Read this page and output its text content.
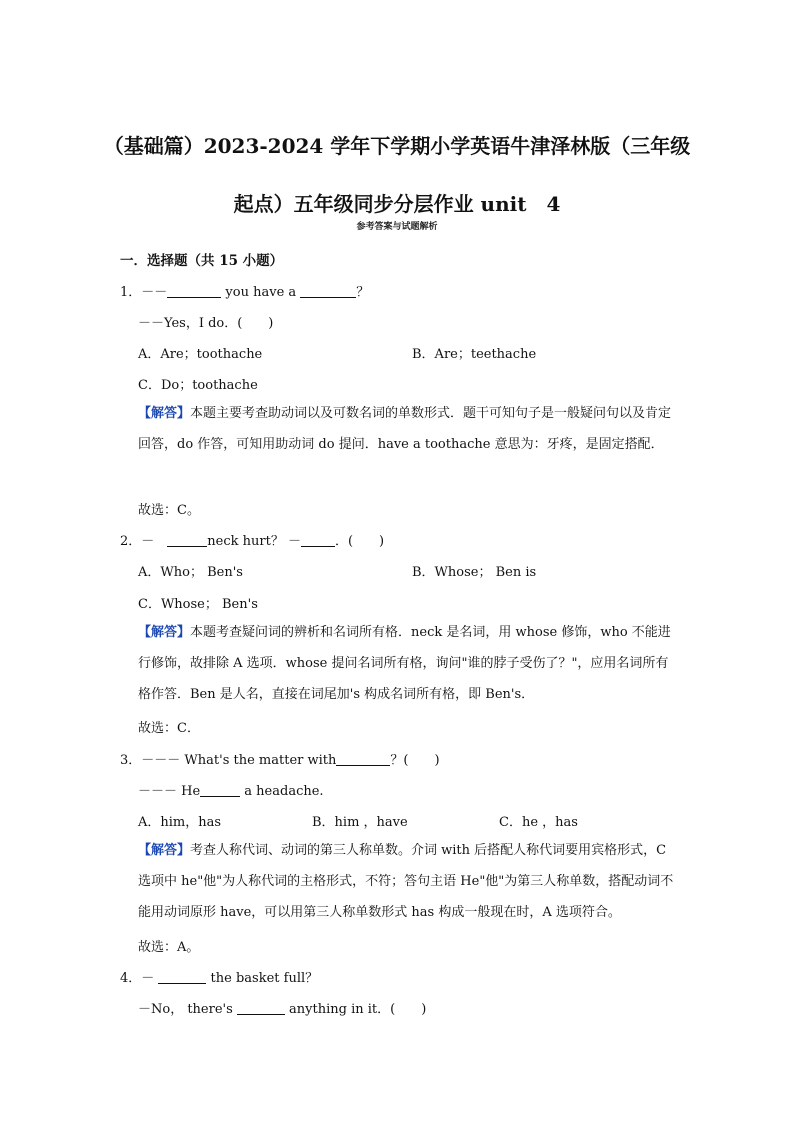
（基础篇）2023-2024 学年下学期小学英语牛津泽林版（三年级
起点）五年级同步分层作业 unit　4
参考答案与试题解析
一．选择题（共 15 小题）
1．－－	you have a	？
－－Yes，I do．(　　)
A．Are；toothache	B．Are；teethache
C．Do；toothache
【解答】本题主要考查助动词以及可数名词的单数形式．题干可知句子是一般疑问句以及肯定回答，do 作答，可知用助动词 do 提问．have a toothache 意思为：牙疼，是固定搭配．
故选：C。
2．－　	neck hurt？ －	．(　　)
A．Who； Ben's	B．Whose； Ben is
C．Whose； Ben's
【解答】本题考查疑问词的辨析和名词所有格．neck 是名词，用 whose 修饰，who 不能进行修饰，故排除 A 选项．whose 提问名词所有格，询问"谁的脖子受伤了？"，应用名词所有格作答．Ben 是人名，直接在词尾加's 构成名词所有格，即 Ben's．
故选：C．
3．－－－ What's the matter with	？(　　)
－－－ He	a headache.
A．him，has	B．him ，have	C．he ，has
【解答】考查人称代词、动词的第三人称单数。介词 with 后搭配人称代词要用宾格形式，C 选项中 he"他"为人称代词的主格形式，不符；答句主语 He"他"为第三人称单数，搭配动词不能用动词原形 have，可以用第三人称单数形式 has 构成一般现在时，A 选项符合。
故选：A。
4．－	the basket full？
－No， there's	anything in it．(　　)
